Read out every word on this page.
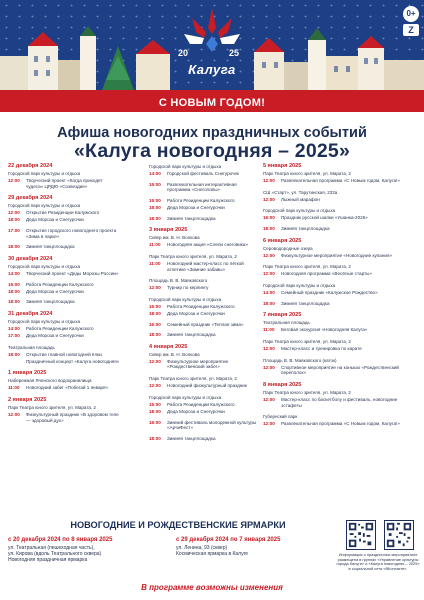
20	25
Калуга
0+
Z
С НОВЫМ ГОДОМ!
Афиша новогодних праздничных событий
«Калуга новогодняя – 2025»
22 декабря 2024
Городской парк культуры и отдыха
12:00	Творческий проект «Когда приходят чудеса» ЦРДЮ «Созвездие»
29 декабря 2024
Городской парк культуры и отдыха
12:00	Открытие Резиденции Калужского
18:00	Деда Мороза и Снегурочки
17:00	Открытие городского новогоднего проекта «Зима в парке»
18:00	Зимняя танцплощадка
30 декабря 2024
Городской парк культуры и отдыха
14:00	Творческий проект «Деды Морозы России»
15:00	Работа Резиденции Калужского
18:00	Деда Мороза и Снегурочки
18:00	Зимняя танцплощадка
31 декабря 2024
Городской парк культуры и отдыха
14:00	Работа Резиденции Калужского
17:00	Деда Мороза и Снегурочки
Театральная площадь
18:00	Открытие главной новогодней ёлки.
Праздничный концерт «Калуга новогодняя»
1 января 2025
Набережная Яченского водохранилища
11:00	Новогодний забег «Побегай 1 января»
2 января 2025
Парк Театра юного зрителя, ул. Марата, 2
12:00	Физкультурный праздник «В здоровом теле — здоровый дух»
Городской парк культуры и отдыха
14:00	Городской фестиваль Снегурочек
15:00	Развлекательная интерактивная программа «Снеголапы»
15:00	Работа Резиденции Калужского
18:00	Деда Мороза и Снегурочки
18:00	Зимняя танцплощадка
3 января 2025
Сквер им. В. Н. Волкова
11:00	Новогодняя акция «Слепи снеговика»
Парк Театра юного зрителя, ул. Марата, 2
11:00	Новогодний мастер-класс по лёгкой атлетике «Зимние забавы»
Площадь В. В. Маяковского
12:00	Турнир по керлингу
Городской парк культуры и отдыха
15:00	Работа Резиденции Калужского
18:00	Деда Мороза и Снегурочки
16:00	Семейный праздник «Теплая зима»
18:00	Зимняя танцплощадка
4 января 2025
Сквер им. В. Н. Волкова
12:00	Физкультурное мероприятие «Рождественский забег»
Парк Театра юного зрителя, ул. Марата, 2
12:00	Новогодний физкультурный праздник
Городской парк культуры и отдыха
15:00	Работа Резиденции Калужского
18:00	Деда Мороза и Снегурочки
16:00	Зимний фестиваль молодежной культуры «АрчиФест»
18:00	Зимняя танцплощадка
5 января 2025
Парк Театра юного зрителя, ул. Марата, 2
12:00	Развлекательная программа «С Новым годом, Калуга!»
СШ «Старт», ул. Тарутинская, 232а
12:00	Лыжный марафон
Городской парк культуры и отдыха
16:00	Праздник русской шапки «Ушанка-2025»
18:00	Зимняя танцплощадка
6 января 2025
Сероводородные озера
12:00	Физкультурное мероприятие «Новогодние купания»
Парк Театра юного зрителя, ул. Марата, 2
12:00	Новогодняя программа «Весёлые старты»
Городской парк культуры и отдыха
14:00	Семейный праздник «Калужское Рождество»
18:00	Зимняя танцплощадка
7 января 2025
Театральная площадь
11:00	Беговая экскурсия «Новогодняя Калуга»
Парк Театра юного зрителя, ул. Марата, 2
12:00	Мастер-класс и тренировка по карате
Площадь В. В. Маяковского (каток)
12:00	Спортивное мероприятие на коньках «Рождественский переполох»
8 января 2025
Парк Театра юного зрителя, ул. Марата, 2
12:00	Мастер-класс по баскетболу и фестиваль, новогодние эстафеты
Губернский парк
12:00	Развлекательная программа «С Новым годом, Калуга!»
НОВОГОДНИЕ И РОЖДЕСТВЕНСКИЕ ЯРМАРКИ
с 20 декабря 2024 по 8 января 2025
ул. Театральная (пешеходная часть),
ул. Кирова (вдоль Театрального сквера)
Новогодняя праздничная ярмарка
с 29 декабря 2024 по 7 января 2025
ул. Ленина, 93 (сквер)
Космическая ярмарка в Калуге	Информация о праздничных мероприятиях размещена в группах «Управление культуры города Калуги» и «Калуга новогодняя – 2025» в социальной сети «ВКонтакте».
В программе возможны изменения
